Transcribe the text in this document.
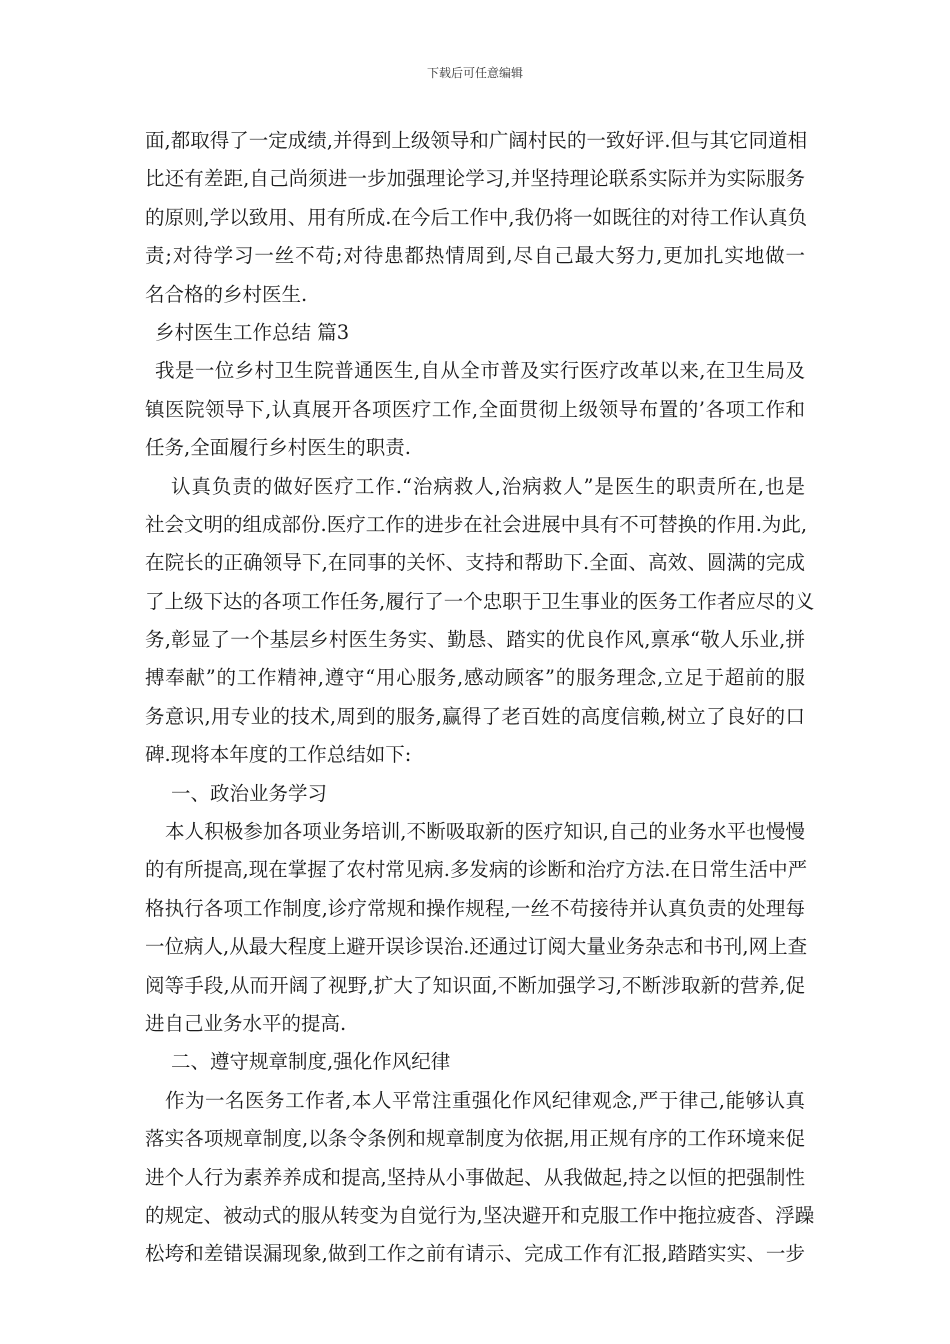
下载后可任意编辑
面,都取得了一定成绩,并得到上级领导和广阔村民的一致好评.但与其它同道相
比还有差距,自己尚须进一步加强理论学习,并坚持理论联系实际并为实际服务
的原则,学以致用、用有所成.在今后工作中,我仍将一如既往的对待工作认真负
责;对待学习一丝不苟;对待患都热情周到,尽自己最大努力,更加扎实地做一
名合格的乡村医生.
乡村医生工作总结 篇3
我是一位乡村卫生院普通医生,自从全市普及实行医疗改革以来,在卫生局及
镇医院领导下,认真展开各项医疗工作,全面贯彻上级领导布置的’各项工作和
任务,全面履行乡村医生的职责.
认真负责的做好医疗工作.“治病救人,治病救人”是医生的职责所在,也是
社会文明的组成部份.医疗工作的进步在社会进展中具有不可替换的作用.为此,
在院长的正确领导下,在同事的关怀、支持和帮助下.全面、高效、圆满的完成
了上级下达的各项工作任务,履行了一个忠职于卫生事业的医务工作者应尽的义
务,彰显了一个基层乡村医生务实、勤恳、踏实的优良作风,禀承“敬人乐业,拼
搏奉献”的工作精神,遵守“用心服务,感动顾客”的服务理念,立足于超前的服
务意识,用专业的技术,周到的服务,赢得了老百姓的高度信赖,树立了良好的口
碑.现将本年度的工作总结如下:
一、政治业务学习
本人积极参加各项业务培训,不断吸取新的医疗知识,自己的业务水平也慢慢
的有所提高,现在掌握了农村常见病.多发病的诊断和治疗方法.在日常生活中严
格执行各项工作制度,诊疗常规和操作规程,一丝不苟接待并认真负责的处理每
一位病人,从最大程度上避开误诊误治.还通过订阅大量业务杂志和书刊,网上查
阅等手段,从而开阔了视野,扩大了知识面,不断加强学习,不断涉取新的营养,促
进自己业务水平的提高.
二、遵守规章制度,强化作风纪律
作为一名医务工作者,本人平常注重强化作风纪律观念,严于律己,能够认真
落实各项规章制度,以条令条例和规章制度为依据,用正规有序的工作环境来促
进个人行为素养养成和提高,坚持从小事做起、从我做起,持之以恒的把强制性
的规定、被动式的服从转变为自觉行为,坚决避开和克服工作中拖拉疲沓、浮躁
松垮和差错误漏现象,做到工作之前有请示、完成工作有汇报,踏踏实实、一步
